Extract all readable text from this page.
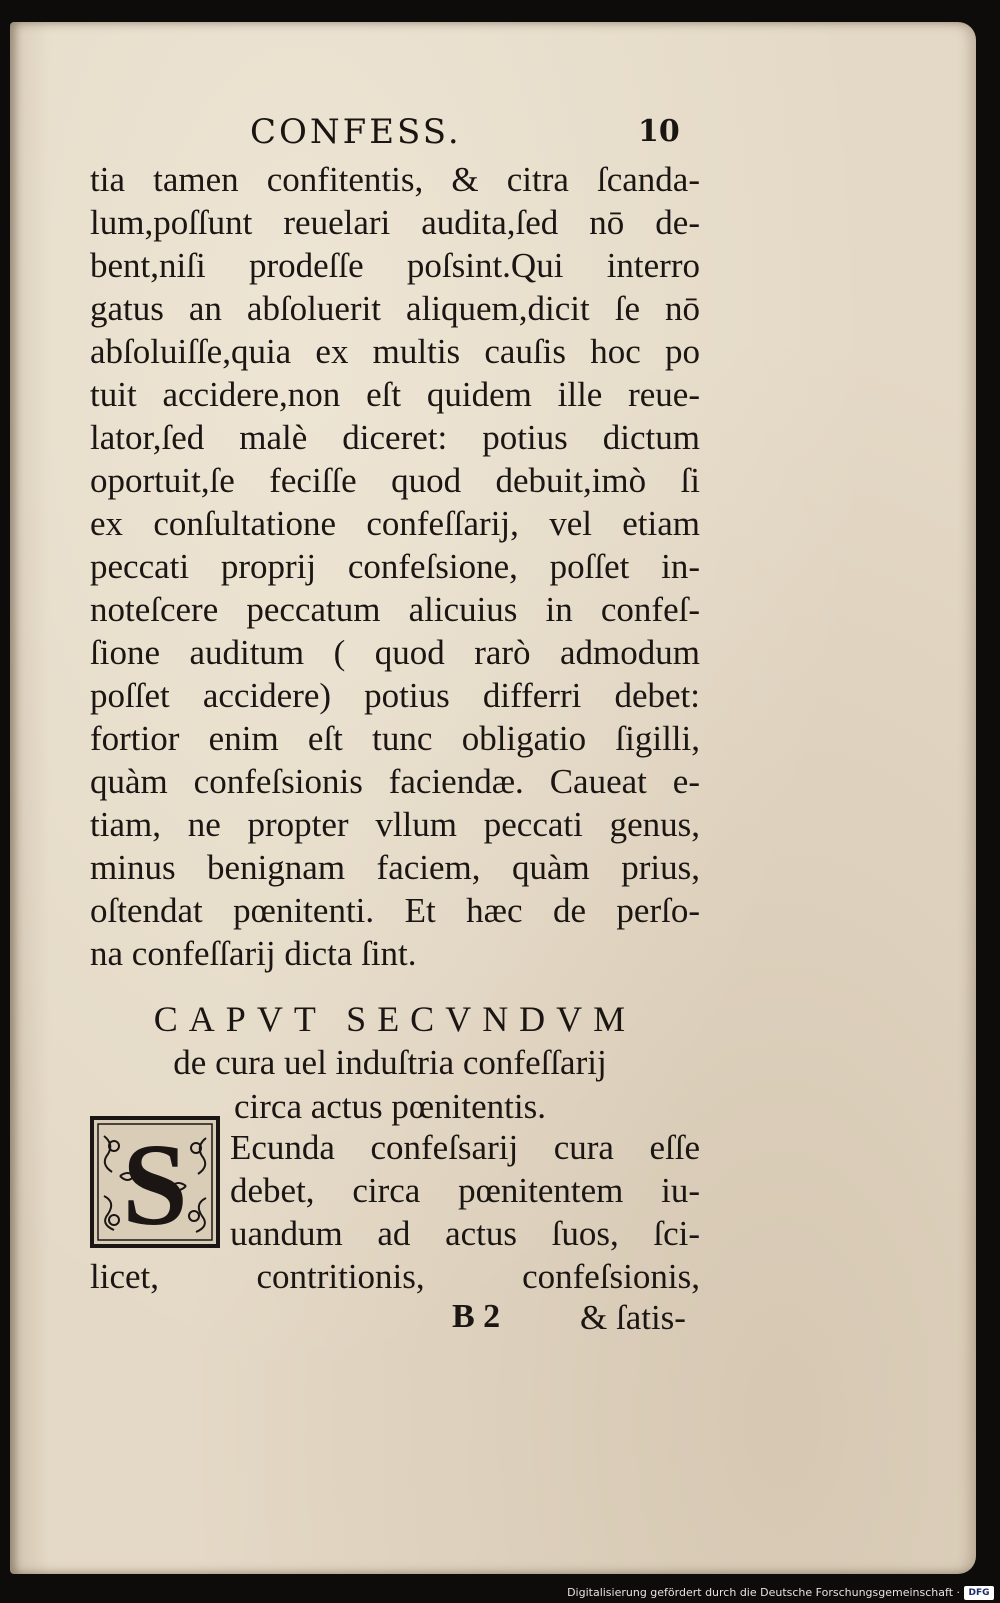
CONFESS.	10
tia tamen confitentis, & citra ſcanda-
lum,poſſunt reuelari audita,ſed nō de-
bent,niſi prodeſſe poſsint.Qui interro
gatus an abſoluerit aliquem,dicit ſe nō
abſoluiſſe,quia ex multis cauſis hoc po
tuit accidere,non eſt quidem ille reue-
lator,ſed malè diceret: potius dictum
oportuit,ſe feciſſe quod debuit,imò ſi
ex conſultatione confeſſarij, vel etiam
peccati proprij confeſsione, poſſet in-
noteſcere peccatum alicuius in confeſ-
ſione auditum ( quod rarò admodum
poſſet accidere) potius differri debet:
fortior enim eſt tunc obligatio ſigilli,
quàm confeſsionis faciendæ. Caueat e-
tiam, ne propter vllum peccati genus,
minus benignam faciem, quàm prius,
oſtendat pœnitenti. Et hæc de perſo-
na confeſſarij dicta ſint.
CAPVT SECVNDVM
de cura uel induſtria confeſſarij
circa actus pœnitentis.
S Ecunda confeſsarij cura eſſe
debet, circa pœnitentem iu-
uandum ad actus ſuos, ſci-
licet, contritionis, confeſsionis,
B 2 & ſatis-
Digitalisierung gefördert durch die Deutsche Forschungsgemeinschaft · DFG
